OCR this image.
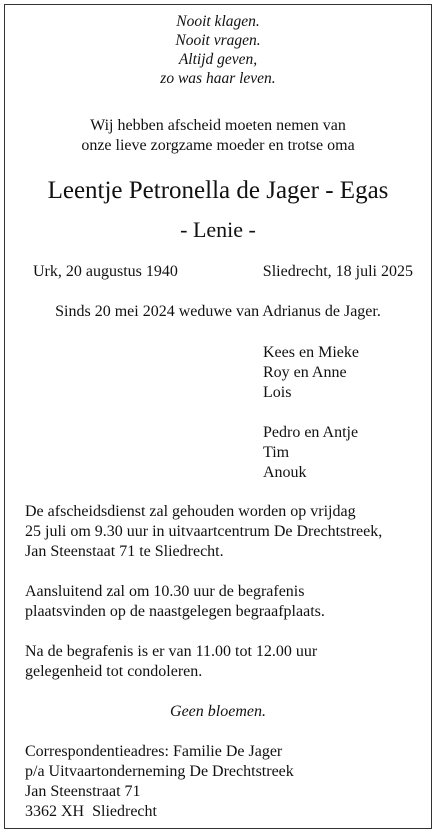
Nooit klagen.
Nooit vragen.
Altijd geven,
zo was haar leven.
Wij hebben afscheid moeten nemen van
onze lieve zorgzame moeder en trotse oma
Leentje Petronella de Jager - Egas
- Lenie -
Urk, 20 augustus 1940	Sliedrecht, 18 juli 2025
Sinds 20 mei 2024 weduwe van Adrianus de Jager.
Kees en Mieke
Roy en Anne
Lois
Pedro en Antje
Tim
Anouk
De afscheidsdienst zal gehouden worden op vrijdag
25 juli om 9.30 uur in uitvaartcentrum De Drechtstreek,
Jan Steenstaat 71 te Sliedrecht.
Aansluitend zal om 10.30 uur de begrafenis
plaatsvinden op de naastgelegen begraafplaats.
Na de begrafenis is er van 11.00 tot 12.00 uur
gelegenheid tot condoleren.
Geen bloemen.
Correspondentieadres: Familie De Jager
p/a Uitvaartonderneming De Drechtstreek
Jan Steenstraat 71
3362 XH  Sliedrecht
